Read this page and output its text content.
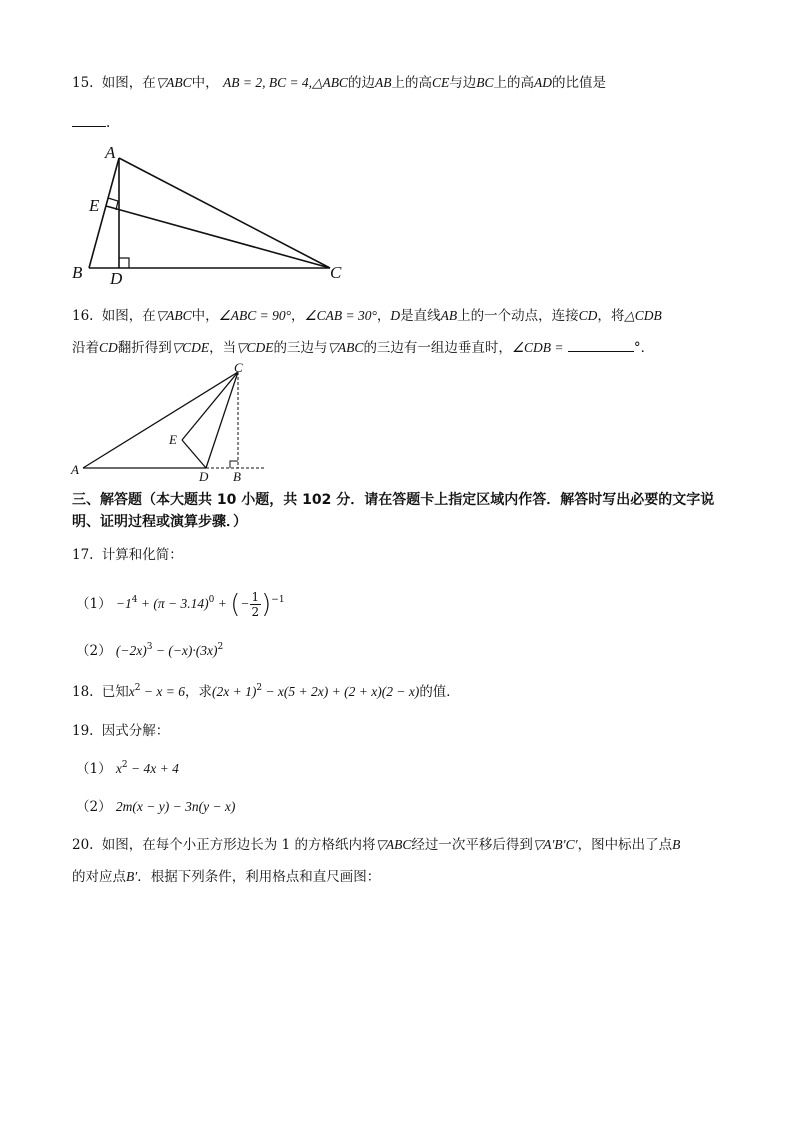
15. 如图，在▽ABC中， AB = 2, BC = 4,△ABC的边AB上的高CE与边BC上的高AD的比值是
.
A
E
B D	C
16. 如图，在▽ABC中，∠ABC = 90°，∠CAB = 30°，D是直线AB上的一个动点，连接CD，将△CDB
沿着CD翻折得到▽CDE，当▽CDE的三边与▽ABC的三边有一组边垂直时，∠CDB =	°．
C
E
A	D B
三、解答题（本大题共 10 小题，共 102 分．请在答题卡上指定区域内作答．解答时写出必要的文字说明、证明过程或演算步骤．）
17. 计算和化简：
$(1) -1^4 + (\pi - 3.14)^0$ + (− $\frac{1}{2} )^{-1}$
（2） $(-2x)^3 - (-x)\cdot(3x)^2$
18. 已知$x^2 - x = 6$，求$(2x + 1)^2 - x(5 + 2x) + (2 + x)(2 - x)$的值．
19. 因式分解：
（1） $x^2 - 4x + 4$
（2） 2m(x − y) − 3n(y − x)
20. 如图，在每个小正方形边长为 1 的方格纸内将▽ABC经过一次平移后得到▽A′B′C′，图中标出了点B
的对应点B′．根据下列条件，利用格点和直尺画图：
